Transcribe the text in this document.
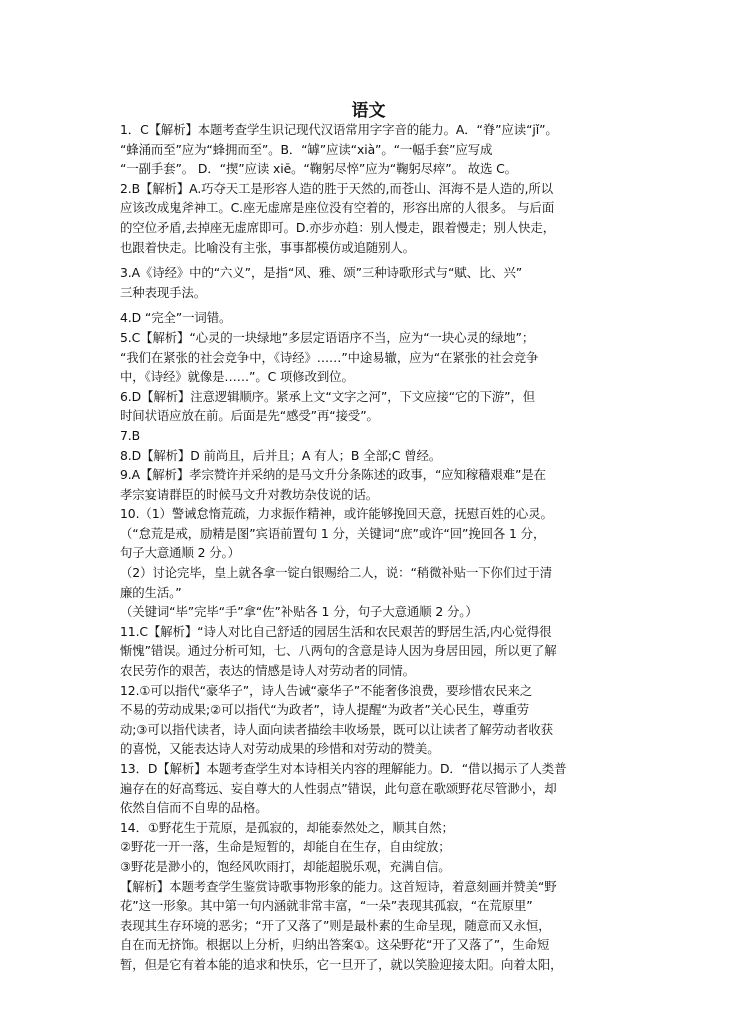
语文
1．C【解析】本题考查学生识记现代汉语常用字字音的能力。A．“脊”应读“jǐ”。
“蜂涌而至”应为“蜂拥而至”。B．“罅”应读“xià”。“一幅手套”应写成
“一副手套”。 D．“揳”应读 xiē。“鞠躬尽悴”应为“鞠躬尽瘁”。 故选 C。
2.B【解析】A.巧夺天工是形容人造的胜于天然的,而苍山、洱海不是人造的,所以
应该改成鬼斧神工。C.座无虚席是座位没有空着的，形容出席的人很多。 与后面
的空位矛盾,去掉座无虚席即可。D.亦步亦趋：别人慢走，跟着慢走；别人快走，
也跟着快走。比喻没有主张，事事都模仿或追随别人。
3.A《诗经》中的“六义”，是指“风、雅、颂”三种诗歌形式与“赋、比、兴”
三种表现手法。
4.D “完全”一词错。
5.C【解析】“心灵的一块绿地”多层定语语序不当，应为“一块心灵的绿地”；
“我们在紧张的社会竞争中，《诗经》……”中途易辙，应为“在紧张的社会竞争
中，《诗经》就像是……”。C 项修改到位。
6.D【解析】注意逻辑顺序。紧承上文“文字之河”，下文应接“它的下游”，但
时间状语应放在前。后面是先“感受”再“接受”。
7.B
8.D【解析】D 前尚且，后并且；A 有人；B 全部;C 曾经。
9.A【解析】孝宗赞许并采纳的是马文升分条陈述的政事，“应知稼穑艰难”是在
孝宗宴请群臣的时候马文升对教坊杂伎说的话。
10.（1）警诫怠惰荒疏，力求振作精神，或许能够挽回天意，抚慰百姓的心灵。
（“怠荒是戒，励精是图”宾语前置句 1 分，关键词“庶”或许“回”挽回各 1 分，
句子大意通顺 2 分。）
（2）讨论完毕，皇上就各拿一锭白银赐给二人，说：“稍微补贴一下你们过于清
廉的生活。”
（关键词“毕”完毕“手”拿“佐”补贴各 1 分，句子大意通顺 2 分。）
11.C【解析】“诗人对比自己舒适的园居生活和农民艰苦的野居生活,内心觉得很
惭愧”错误。通过分析可知，七、八两句的含意是诗人因为身居田园，所以更了解
农民劳作的艰苦，表达的情感是诗人对劳动者的同情。
12.①可以指代“豪华子”，诗人告诫“豪华子”不能奢侈浪费，要珍惜农民来之
不易的劳动成果;②可以指代“为政者”，诗人提醒“为政者”关心民生，尊重劳
动;③可以指代读者，诗人面向读者描绘丰收场景，既可以让读者了解劳动者收获
的喜悦，又能表达诗人对劳动成果的珍惜和对劳动的赞美。
13．D【解析】本题考查学生对本诗相关内容的理解能力。D．“借以揭示了人类普
遍存在的好高骛远、妄自尊大的人性弱点”错误，此句意在歌颂野花尽管渺小，却
依然自信而不自卑的品格。
14．①野花生于荒原，是孤寂的，却能泰然处之，顺其自然；
②野花一开一落，生命是短暂的，却能自在生存，自由绽放；
③野花是渺小的，饱经风吹雨打，却能超脱乐观，充满自信。
【解析】本题考查学生鉴赏诗歌事物形象的能力。这首短诗，着意刻画并赞美“野
花”这一形象。其中第一句内涵就非常丰富，“一朵”表现其孤寂，“在荒原里”
表现其生存环境的恶劣；“开了又落了”则是最朴素的生命呈现，随意而又永恒，
自在而无挤饰。根据以上分析，归纳出答案①。这朵野花“开了又落了”，生命短
暂，但是它有着本能的追求和快乐，它一旦开了，就以笑脸迎接太阳。向着太阳，
